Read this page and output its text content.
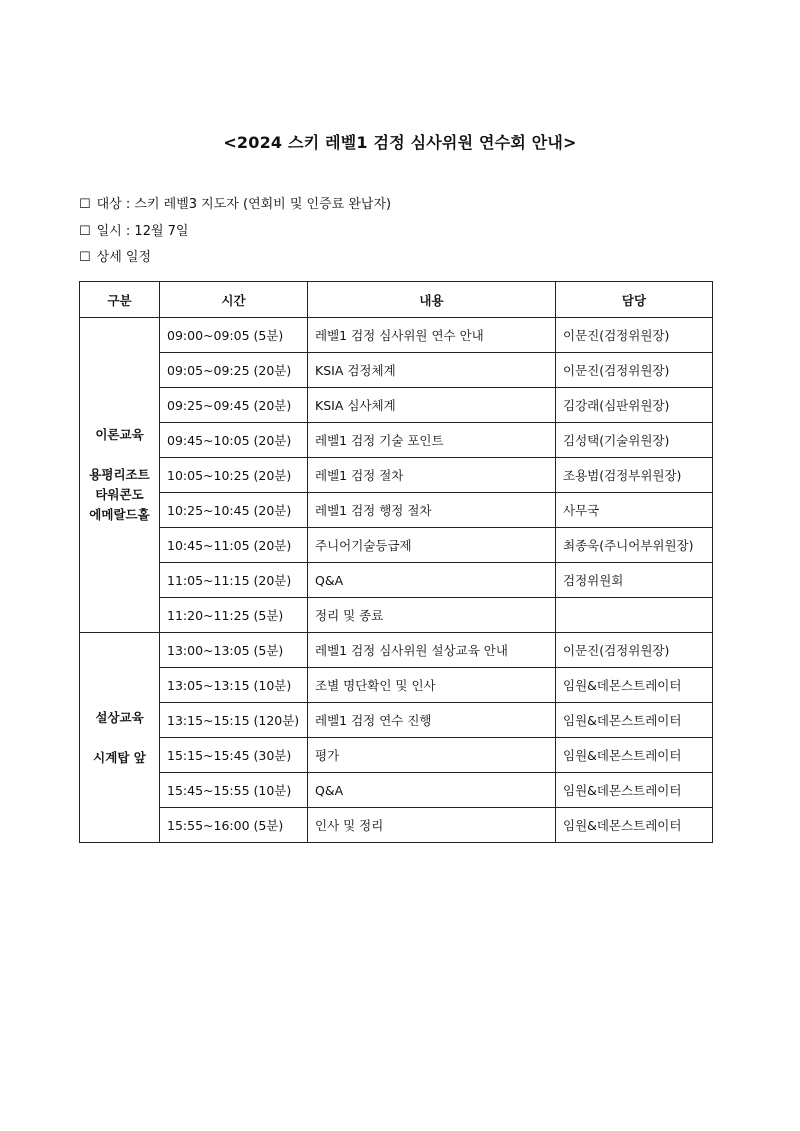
<2024 스키 레벨1 검정 심사위원 연수회 안내>
☐ 대상 : 스키 레벨3 지도자 (연회비 및 인증료 완납자)
☐ 일시 : 12월 7일
☐ 상세 일정
구분	시간	내용	담당

이론교육
용평리조트
타워콘도
에메랄드홀	09:00~09:05 (5분)	레벨1 검정 심사위원 연수 안내	이문진(검정위원장)
	09:05~09:25 (20분)	KSIA 검정체계	이문진(검정위원장)
	09:25~09:45 (20분)	KSIA 심사체계	김강래(심판위원장)
	09:45~10:05 (20분)	레벨1 검정 기술 포인트	김성택(기술위원장)
	10:05~10:25 (20분)	레벨1 검정 절차	조용범(검정부위원장)
	10:25~10:45 (20분)	레벨1 검정 행정 절차	사무국
	10:45~11:05 (20분)	주니어기술등급제	최종욱(주니어부위원장)
	11:05~11:15 (20분)	Q&A	검정위원회
	11:20~11:25 (5분)	정리 및 종료	

설상교육
시계탑 앞	13:00~13:05 (5분)	레벨1 검정 심사위원 설상교육 안내	이문진(검정위원장)
	13:05~13:15 (10분)	조별 명단확인 및 인사	임원&데몬스트레이터
	13:15~15:15 (120분)	레벨1 검정 연수 진행	임원&데몬스트레이터
	15:15~15:45 (30분)	평가	임원&데몬스트레이터
	15:45~15:55 (10분)	Q&A	임원&데몬스트레이터
	15:55~16:00 (5분)	인사 및 정리	임원&데몬스트레이터
